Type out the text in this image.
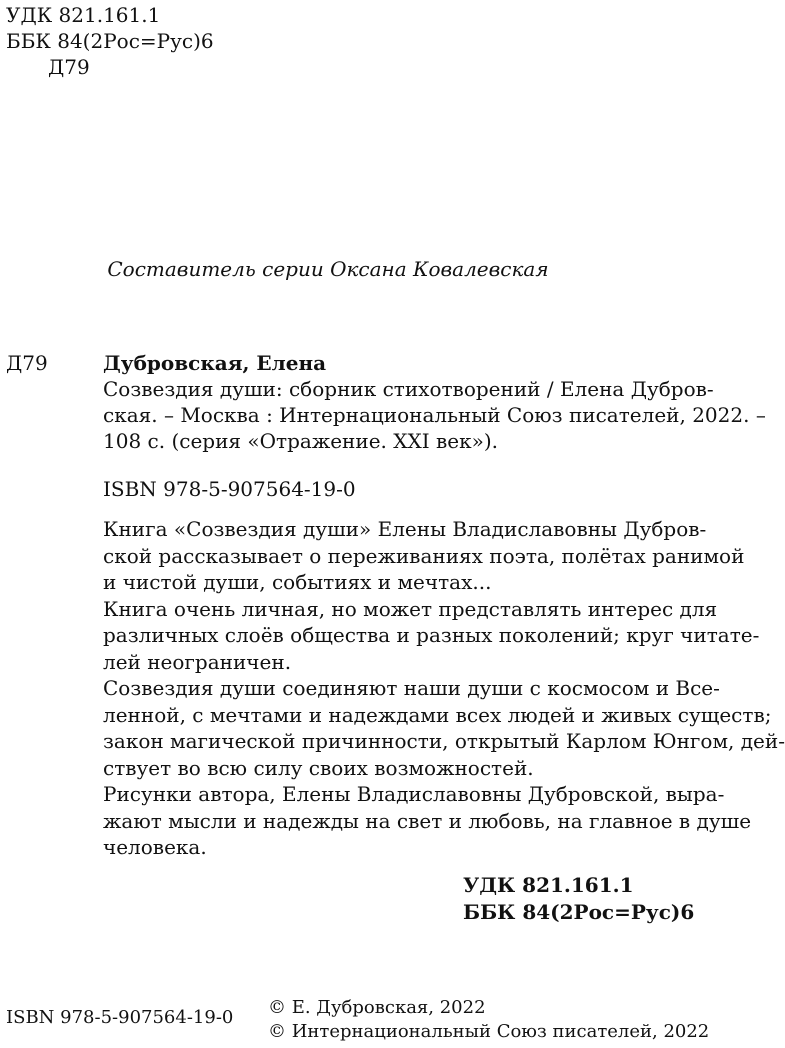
УДК 821.161.1
ББК 84(2Рос=Рус)6
Д79
Составитель серии Оксана Ковалевская
Д79	Дубровская, Елена
Созвездия души: сборник стихотворений / Елена Дубров-
ская. – Москва : Интернациональный Союз писателей, 2022. –
108 с. (серия «Отражение. XXI век»).
ISBN 978-5-907564-19-0
Книга «Созвездия души» Елены Владиславовны Дубров-
ской рассказывает о переживаниях поэта, полётах ранимой
и чистой души, событиях и мечтах...
Книга очень личная, но может представлять интерес для
различных слоёв общества и разных поколений; круг читате-
лей неограничен.
Созвездия души соединяют наши души с космосом и Все-
ленной, с мечтами и надеждами всех людей и живых существ;
закон магической причинности, открытый Карлом Юнгом, дей-
ствует во всю силу своих возможностей.
Рисунки автора, Елены Владиславовны Дубровской, выра-
жают мысли и надежды на свет и любовь, на главное в душе
человека.
УДК 821.161.1
ББК 84(2Рос=Рус)6
ISBN 978-5-907564-19-0 © Е. Дубровская, 2022
© Интернациональный Союз писателей, 2022
